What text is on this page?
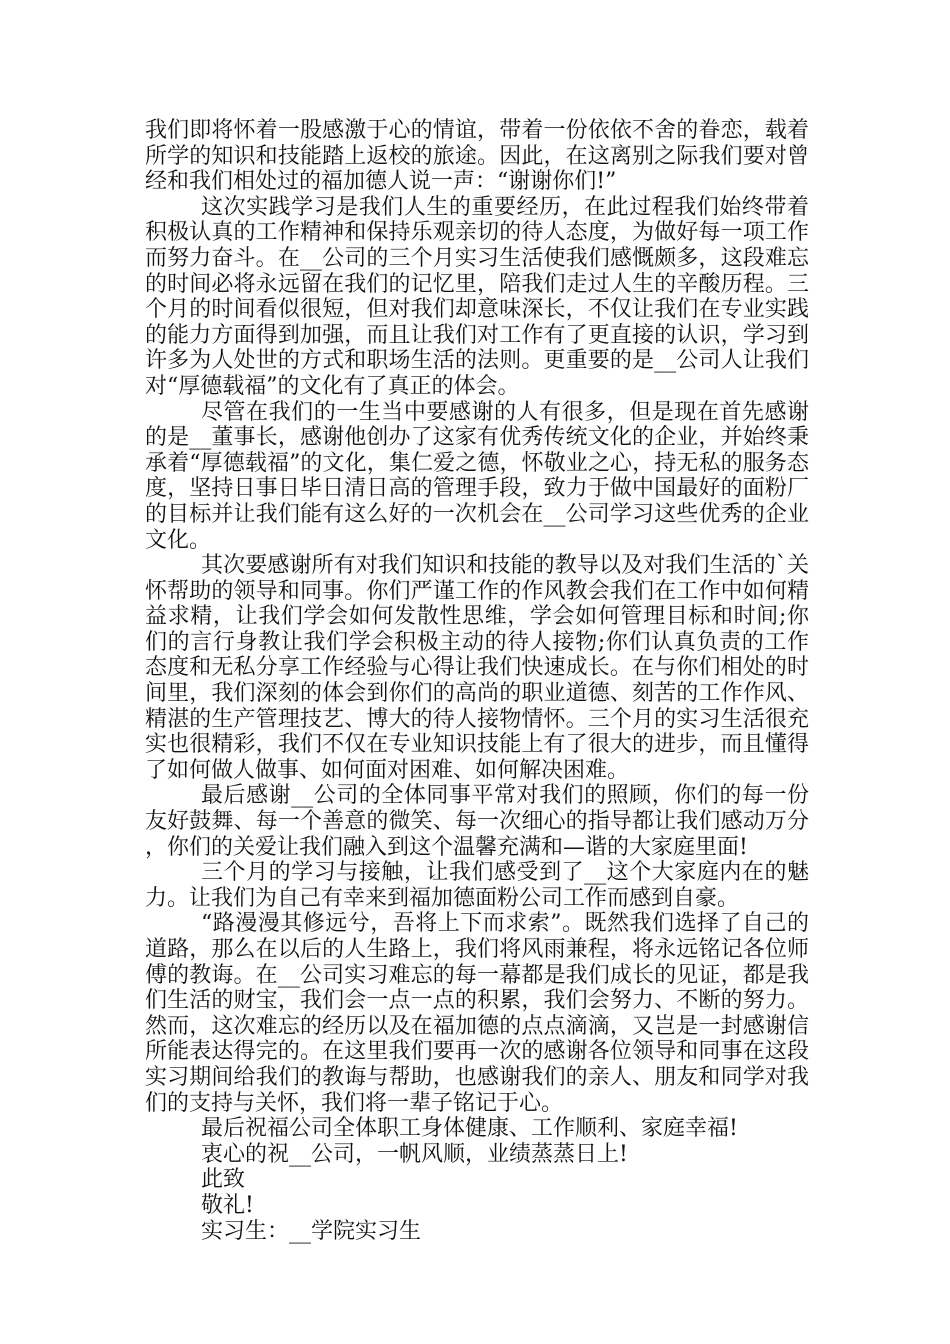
我们即将怀着一股感激于心的情谊，带着一份依依不舍的眷恋，载着所学的知识和技能踏上返校的旅途。因此，在这离别之际我们要对曾经和我们相处过的福加德人说一声：“谢谢你们!”

这次实践学习是我们人生的重要经历，在此过程我们始终带着积极认真的工作精神和保持乐观亲切的待人态度，为做好每一项工作而努力奋斗。在__公司的三个月实习生活使我们感慨颇多，这段难忘的时间必将永远留在我们的记忆里，陪我们走过人生的辛酸历程。三个月的时间看似很短，但对我们却意味深长，不仅让我们在专业实践的能力方面得到加强，而且让我们对工作有了更直接的认识，学习到许多为人处世的方式和职场生活的法则。更重要的是__公司人让我们对“厚德载福”的文化有了真正的体会。

尽管在我们的一生当中要感谢的人有很多，但是现在首先感谢的是__董事长，感谢他创办了这家有优秀传统文化的企业，并始终秉承着“厚德载福”的文化，集仁爱之德，怀敬业之心，持无私的服务态度，坚持日事日毕日清日高的管理手段，致力于做中国最好的面粉厂的目标并让我们能有这么好的一次机会在__公司学习这些优秀的企业文化。

其次要感谢所有对我们知识和技能的教导以及对我们生活的`关怀帮助的领导和同事。你们严谨工作的作风教会我们在工作中如何精益求精，让我们学会如何发散性思维，学会如何管理目标和时间;你们的言行身教让我们学会积极主动的待人接物;你们认真负责的工作态度和无私分享工作经验与心得让我们快速成长。在与你们相处的时间里，我们深刻的体会到你们的高尚的职业道德、刻苦的工作作风、精湛的生产管理技艺、博大的待人接物情怀。三个月的实习生活很充实也很精彩，我们不仅在专业知识技能上有了很大的进步，而且懂得了如何做人做事、如何面对困难、如何解决困难。

最后感谢__公司的全体同事平常对我们的照顾，你们的每一份友好鼓舞、每一个善意的微笑、每一次细心的指导都让我们感动万分，你们的关爱让我们融入到这个温馨充满和—谐的大家庭里面!

三个月的学习与接触，让我们感受到了__这个大家庭内在的魅力。让我们为自己有幸来到福加德面粉公司工作而感到自豪。

“路漫漫其修远兮，吾将上下而求索”。既然我们选择了自己的道路，那么在以后的人生路上，我们将风雨兼程，将永远铭记各位师傅的教诲。在__公司实习难忘的每一幕都是我们成长的见证，都是我们生活的财宝，我们会一点一点的积累，我们会努力、不断的努力。然而，这次难忘的经历以及在福加德的点点滴滴，又岂是一封感谢信所能表达得完的。在这里我们要再一次的感谢各位领导和同事在这段实习期间给我们的教诲与帮助，也感谢我们的亲人、朋友和同学对我们的支持与关怀，我们将一辈子铭记于心。

最后祝福公司全体职工身体健康、工作顺利、家庭幸福!

衷心的祝__公司，一帆风顺，业绩蒸蒸日上!

此致

敬礼!

实习生：__学院实习生
